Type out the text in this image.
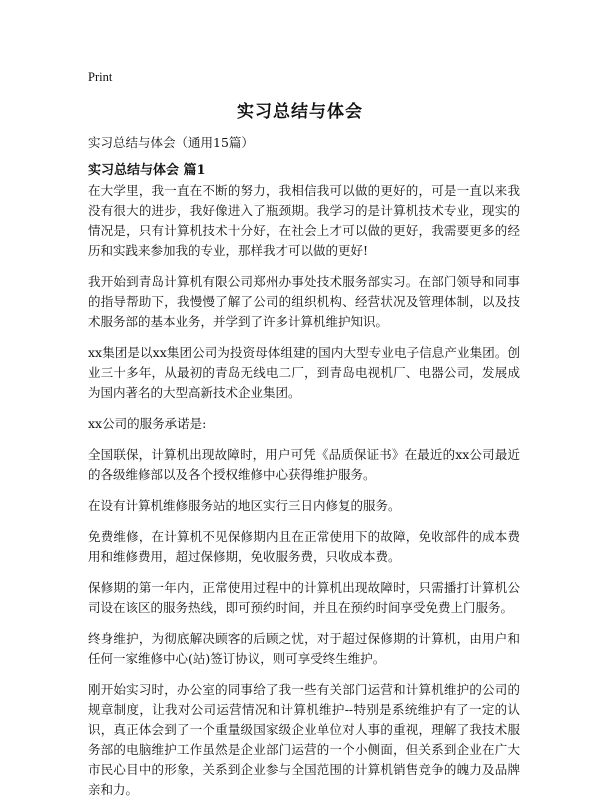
Print
实习总结与体会

实习总结与体会（通用15篇）

实习总结与体会 篇1

在大学里，我一直在不断的努力，我相信我可以做的更好的，可是一直以来我没有很大的进步，我好像进入了瓶颈期。我学习的是计算机技术专业，现实的情况是，只有计算机技术十分好，在社会上才可以做的更好，我需要更多的经历和实践来参加我的专业，那样我才可以做的更好!

我开始到青岛计算机有限公司郑州办事处技术服务部实习。在部门领导和同事的指导帮助下，我慢慢了解了公司的组织机构、经营状况及管理体制，以及技术服务部的基本业务，并学到了许多计算机维护知识。

xx集团是以xx集团公司为投资母体组建的国内大型专业电子信息产业集团。创业三十多年，从最初的青岛无线电二厂，到青岛电视机厂、电器公司，发展成为国内著名的大型高新技术企业集团。

xx公司的服务承诺是:

全国联保，计算机出现故障时，用户可凭《品质保证书》在最近的xx公司最近的各级维修部以及各个授权维修中心获得维护服务。

在设有计算机维修服务站的地区实行三日内修复的服务。

免费维修，在计算机不见保修期内且在正常使用下的故障，免收部件的成本费用和维修费用，超过保修期，免收服务费，只收成本费。

保修期的第一年内，正常使用过程中的计算机出现故障时，只需播打计算机公司设在该区的服务热线，即可预约时间，并且在预约时间享受免费上门服务。

终身维护，为彻底解决顾客的后顾之忧，对于超过保修期的计算机，由用户和任何一家维修中心(站)签订协议，则可享受终生维护。

刚开始实习时，办公室的同事给了我一些有关部门运营和计算机维护的公司的规章制度，让我对公司运营情况和计算机维护--特别是系统维护有了一定的认识，真正体会到了一个重量级国家级企业单位对人事的重视，理解了我技术服务部的电脑维护工作虽然是企业部门运营的一个小侧面，但关系到企业在广大市民心目中的形象，关系到企业参与全国范围的计算机销售竞争的魄力及品牌亲和力。
